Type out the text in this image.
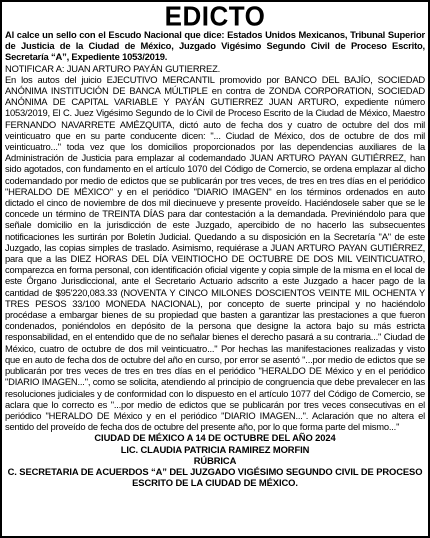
EDICTO

Al calce un sello con el Escudo Nacional que dice: Estados Unidos Mexicanos, Tribunal Superior de Justicia de la Ciudad de México, Juzgado Vigésimo Segundo Civil de Proceso Escrito, Secretaría “A”, Expediente 1053/2019.

NOTIFICAR A: JUAN ARTURO PAYÁN GUTIERREZ.

En los autos del juicio EJECUTIVO MERCANTIL promovido por BANCO DEL BAJÍO, SOCIEDAD ANÓNIMA INSTITUCIÓN DE BANCA MÚLTIPLE en contra de ZONDA CORPORATION, SOCIEDAD ANÓNIMA DE CAPITAL VARIABLE Y PAYÁN GUTIERREZ JUAN ARTURO, expediente número 1053/2019, El C. Juez Vigésimo Segundo de lo Civil de Proceso Escrito de la Ciudad de México, Maestro FERNANDO NAVARRETE AMÉZQUITA, dictó auto de fecha dos y cuatro de octubre del dos mil veinticuatro que en su parte conducente dicen: "... Ciudad de México, dos de octubre de dos mil veinticuatro..." toda vez que los domicilios proporcionados por las dependencias auxiliares de la Administración de Justicia para emplazar al codemandado JUAN ARTURO PAYAN GUTIÉRREZ, han sido agotados, con fundamento en el artículo 1070 del Código de Comercio, se ordena emplazar al dicho codemandado por medio de edictos que se publicarán por tres veces, de tres en tres días en el periódico "HERALDO DE MÉXICO" y en el periódico "DIARIO IMAGEN" en los términos ordenados en auto dictado el cinco de noviembre de dos mil diecinueve y presente proveído. Haciéndosele saber que se le concede un término de TREINTA DÍAS para dar contestación a la demandada. Previniéndolo para que señale domicilio en la jurisdicción de este Juzgado, apercibido de no hacerlo las subsecuentes notificaciones les surtirán por Boletín Judicial. Quedando a su disposición en la Secretaría "A" de este Juzgado, las copias simples de traslado. Asimismo, requiérase a JUAN ARTURO PAYAN GUTIÉRREZ, para que a las DIEZ HORAS DEL DÍA VEINTIOCHO DE OCTUBRE DE DOS MIL VEINTICUATRO, comparezca en forma personal, con identificación oficial vigente y copia simple de la misma en el local de este Órgano Jurisdiccional, ante el Secretario Actuario adscrito a este Juzgado a hacer pago de la cantidad de $95'220,083.33 (NOVENTA Y CINCO MILONES DOSCIENTOS VEINTE MIL OCHENTA Y TRES PESOS 33/100 MONEDA NACIONAL), por concepto de suerte principal y no haciéndolo procédase a embargar bienes de su propiedad que basten a garantizar las prestaciones a que fueron condenados, poniéndolos en depósito de la persona que designe la actora bajo su más estricta responsabilidad, en el entendido que de no señalar bienes el derecho pasará a su contraria..." Ciudad de México, cuatro de octubre de dos mil veinticuatro..." Por hechas las manifestaciones realizadas y visto que en auto de fecha dos de octubre del año en curso, por error se asentó "...por medio de edictos que se publicarán por tres veces de tres en tres días en el periódico "HERALDO DE México y en el periódico "DIARIO IMAGEN...", como se solicita, atendiendo al principio de congruencia que debe prevalecer en las resoluciones judiciales y de conformidad con lo dispuesto en el artículo 1077 del Código de Comercio, se aclara que lo correcto es "...por medio de edictos que se publicarán por tres veces consecutivas en el periódico "HERALDO DE México y en el periódico "DIARIO IMAGEN...". Aclaración que no altera el sentido del proveído de fecha dos de octubre del presente año, por lo que forma parte del mismo..."

CIUDAD DE MÉXICO A 14 DE OCTUBRE DEL AÑO 2024

LIC. CLAUDIA PATRICIA RAMIREZ MORFIN

RÚBRICA

C. SECRETARIA DE ACUERDOS “A” DEL JUZGADO VIGÉSIMO SEGUNDO CIVIL DE PROCESO ESCRITO DE LA CIUDAD DE MÉXICO.
